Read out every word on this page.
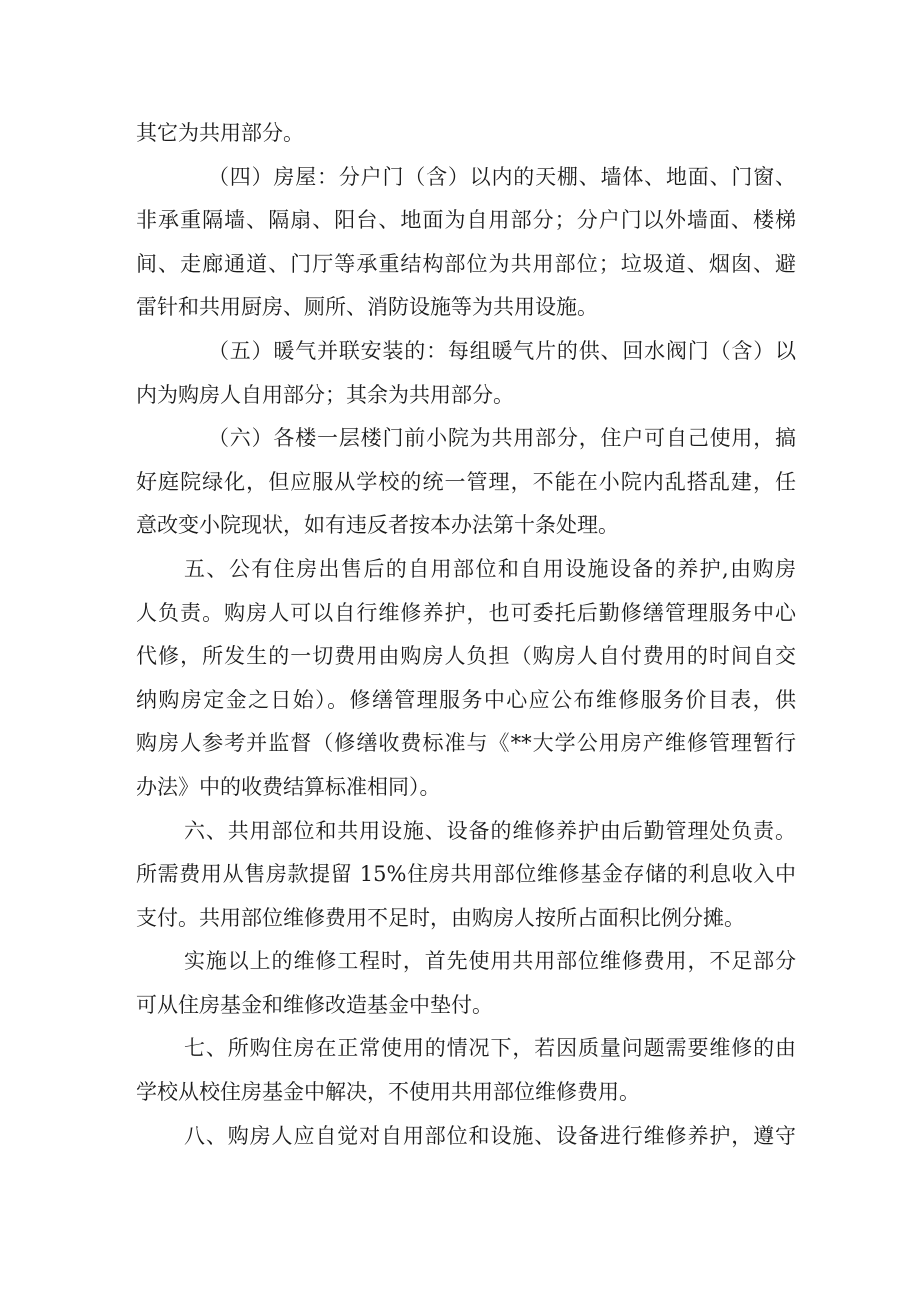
其它为共用部分。
（四）房屋：分户门（含）以内的天棚、墙体、地面、门窗、
非承重隔墙、隔扇、阳台、地面为自用部分；分户门以外墙面、楼梯
间、走廊通道、门厅等承重结构部位为共用部位；垃圾道、烟囱、避
雷针和共用厨房、厕所、消防设施等为共用设施。
（五）暖气并联安装的：每组暖气片的供、回水阀门（含）以
内为购房人自用部分；其余为共用部分。
（六）各楼一层楼门前小院为共用部分，住户可自己使用，搞
好庭院绿化，但应服从学校的统一管理，不能在小院内乱搭乱建，任
意改变小院现状，如有违反者按本办法第十条处理。
五、公有住房出售后的自用部位和自用设施设备的养护,由购房
人负责。购房人可以自行维修养护，也可委托后勤修缮管理服务中心
代修，所发生的一切费用由购房人负担（购房人自付费用的时间自交
纳购房定金之日始）。修缮管理服务中心应公布维修服务价目表，供
购房人参考并监督（修缮收费标准与《**大学公用房产维修管理暂行
办法》中的收费结算标准相同）。
六、共用部位和共用设施、设备的维修养护由后勤管理处负责。
所需费用从售房款提留 15%住房共用部位维修基金存储的利息收入中
支付。共用部位维修费用不足时，由购房人按所占面积比例分摊。
实施以上的维修工程时，首先使用共用部位维修费用，不足部分
可从住房基金和维修改造基金中垫付。
七、所购住房在正常使用的情况下，若因质量问题需要维修的由
学校从校住房基金中解决，不使用共用部位维修费用。
八、购房人应自觉对自用部位和设施、设备进行维修养护，遵守
